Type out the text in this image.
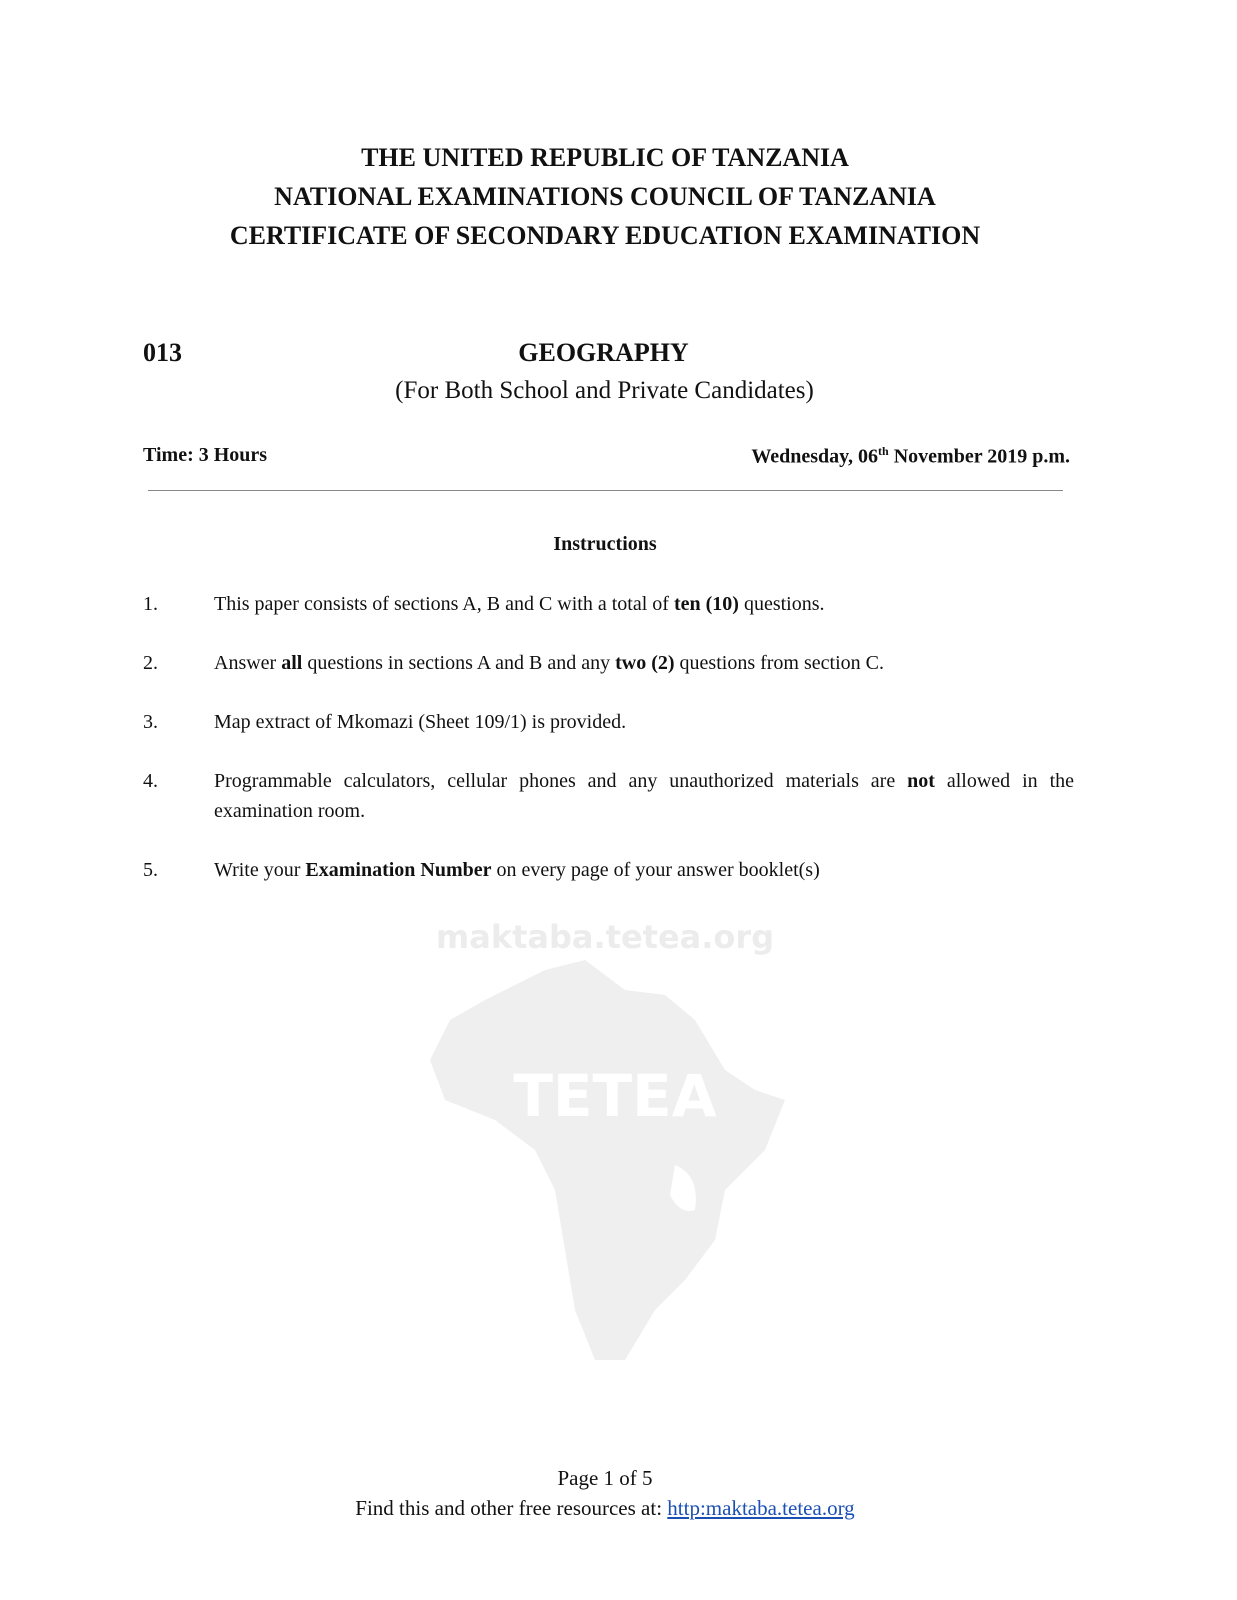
THE UNITED REPUBLIC OF TANZANIA
NATIONAL EXAMINATIONS COUNCIL OF TANZANIA
CERTIFICATE OF SECONDARY EDUCATION EXAMINATION
013	GEOGRAPHY
(For Both School and Private Candidates)
Time: 3 Hours	Wednesday, 06th November 2019 p.m.
Instructions
1.	This paper consists of sections A, B and C with a total of ten (10) questions.
2.	Answer all questions in sections A and B and any two (2) questions from section C.
3.	Map extract of Mkomazi (Sheet 109/1) is provided.
4.	Programmable calculators, cellular phones and any unauthorized materials are not allowed in the examination room.
5.	Write your Examination Number on every page of your answer booklet(s)
maktaba.tetea.org
TETEA
Page 1 of 5
Find this and other free resources at: http:maktaba.tetea.org
